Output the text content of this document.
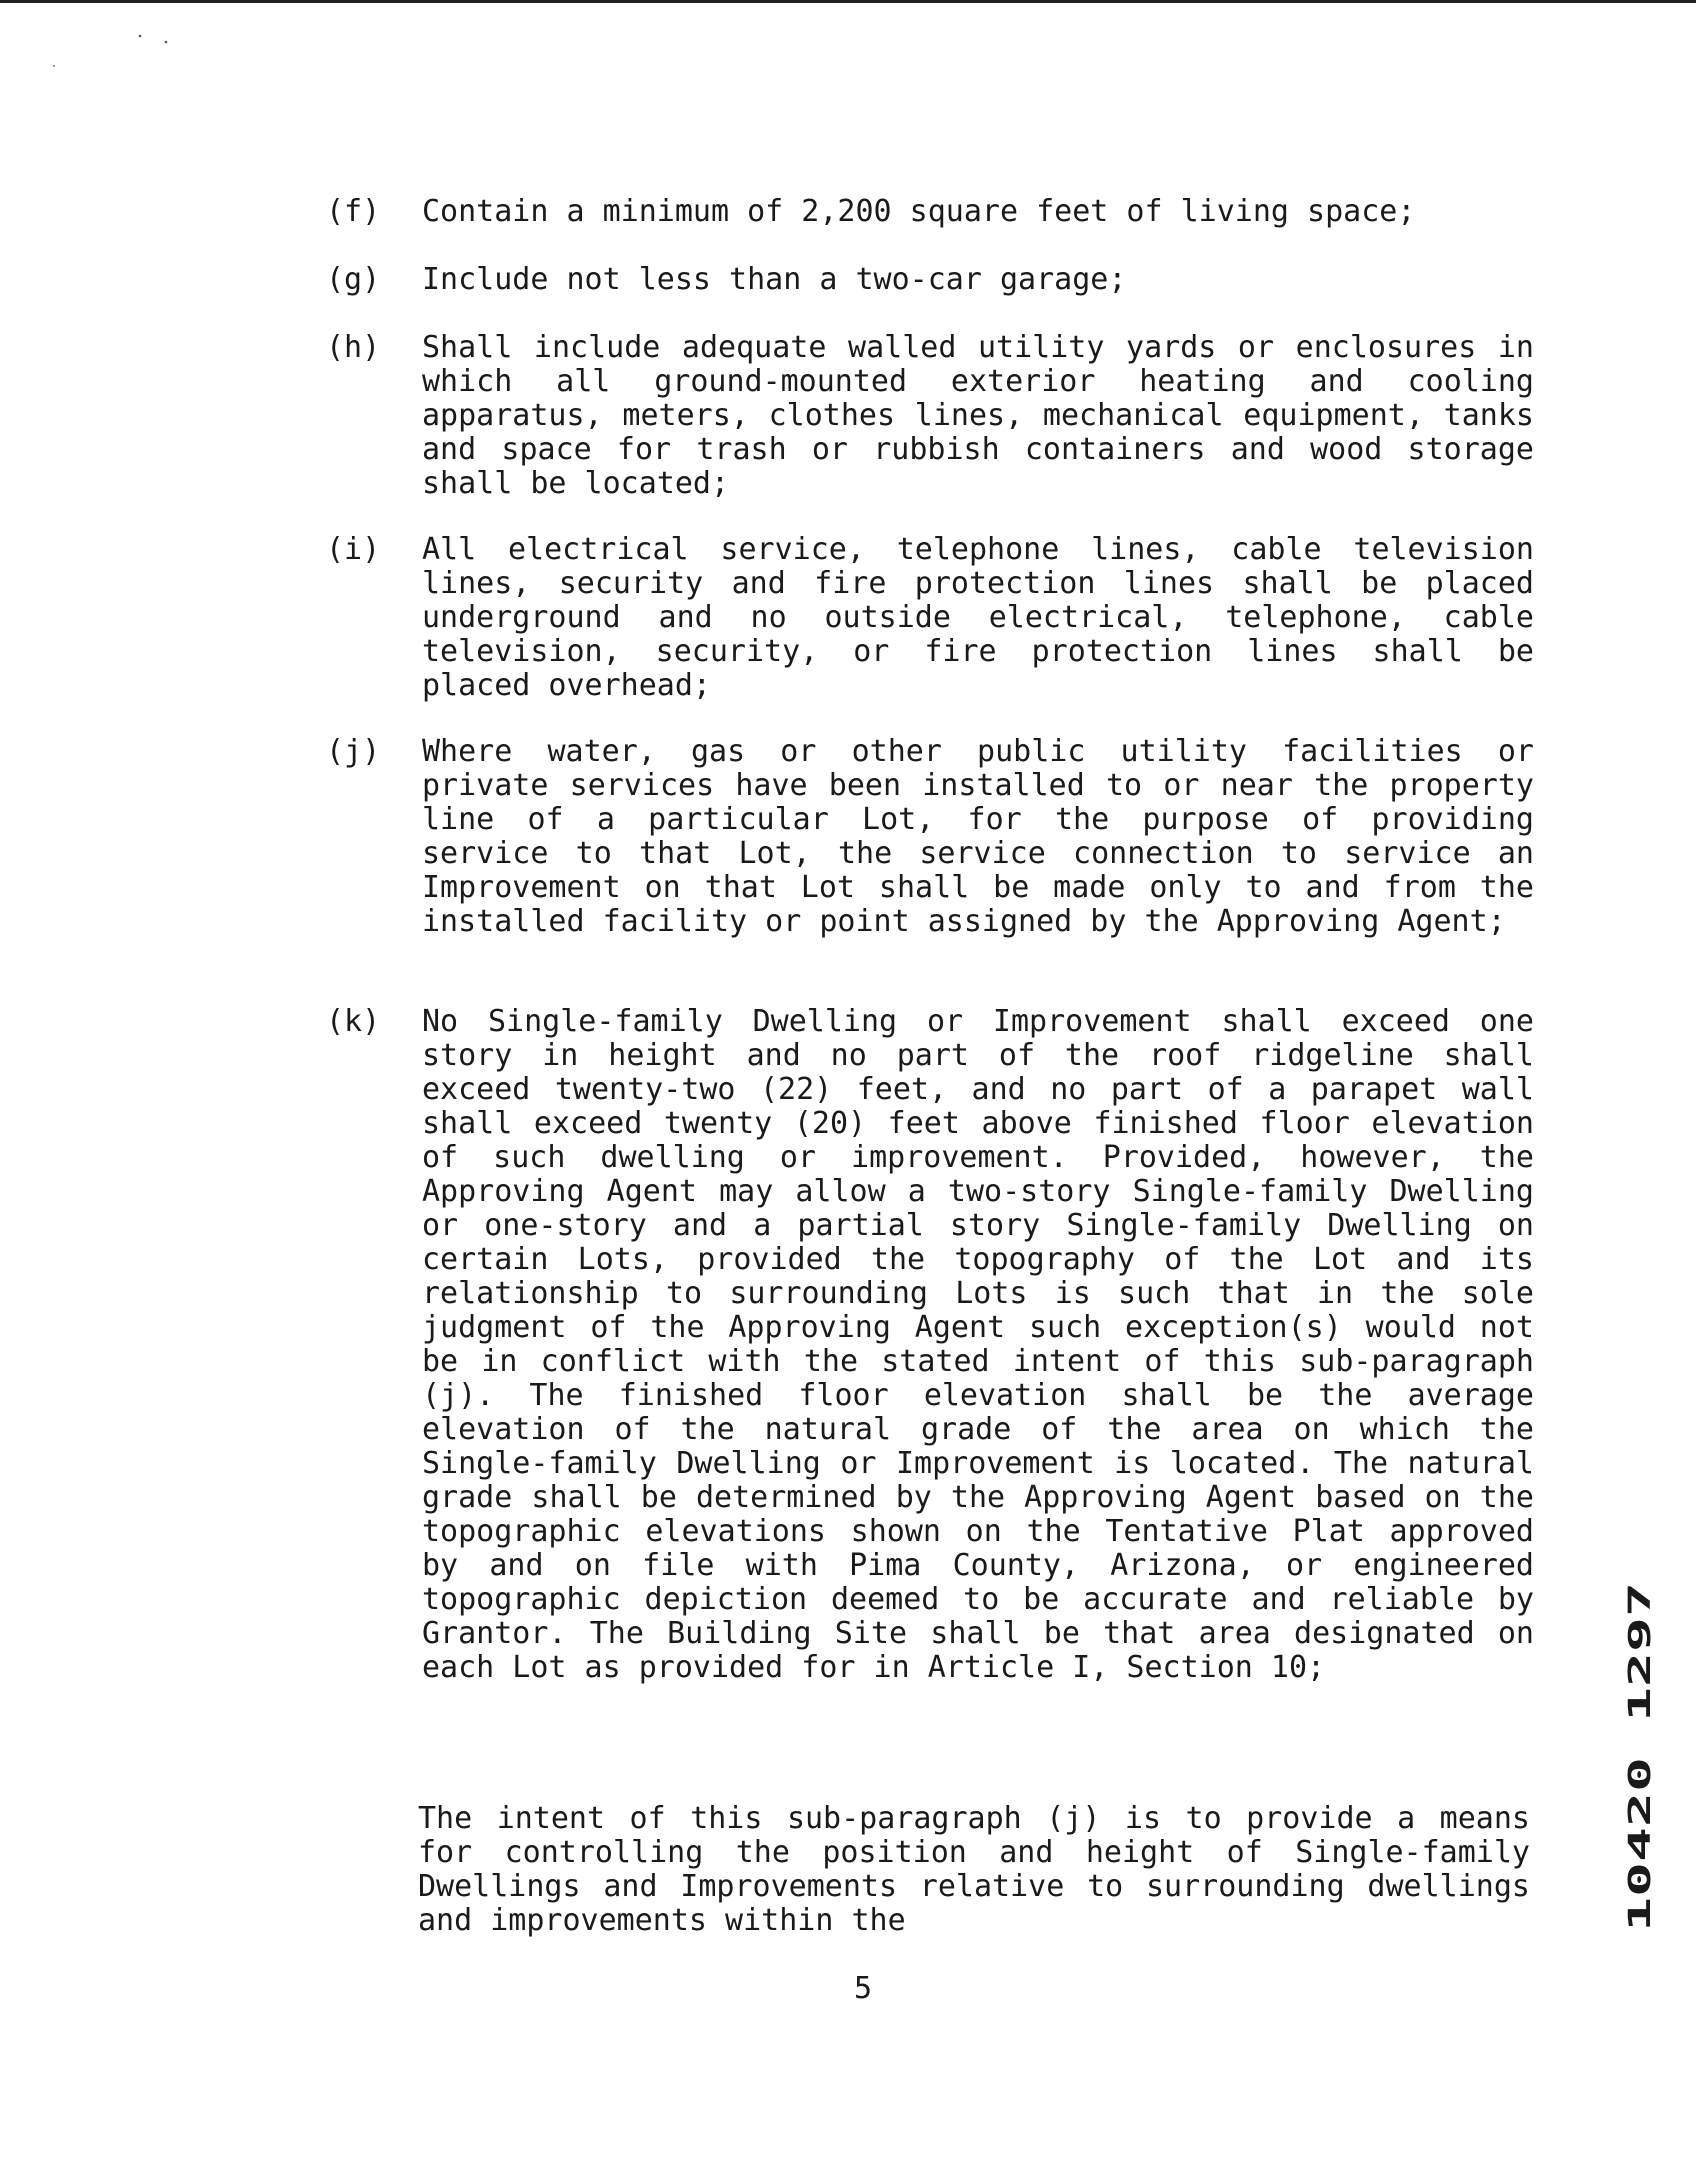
(f) Contain a minimum of 2,200 square feet of living space;
(g) Include not less than a two-car garage;
(h) Shall include adequate walled utility yards or enclosures in which all ground-mounted exterior heating and cooling apparatus, meters, clothes lines, mechanical equipment, tanks and space for trash or rubbish containers and wood storage shall be located;
(i) All electrical service, telephone lines, cable television lines, security and fire protection lines shall be placed underground and no outside electrical, telephone, cable television, security, or fire protection lines shall be placed overhead;
(j) Where water, gas or other public utility facilities or private services have been installed to or near the property line of a particular Lot, for the purpose of providing service to that Lot, the service connection to service an Improvement on that Lot shall be made only to and from the installed facility or point assigned by the Approving Agent;
(k) No Single-family Dwelling or Improvement shall exceed one story in height and no part of the roof ridgeline shall exceed twenty-two (22) feet, and no part of a parapet wall shall exceed twenty (20) feet above finished floor elevation of such dwelling or improvement. Provided, however, the Approving Agent may allow a two-story Single-family Dwelling or one-story and a partial story Single-family Dwelling on certain Lots, provided the topography of the Lot and its relationship to surrounding Lots is such that in the sole judgment of the Approving Agent such exception(s) would not be in conflict with the stated intent of this sub-paragraph (j). The finished floor elevation shall be the average elevation of the natural grade of the area on which the Single-family Dwelling or Improvement is located. The natural grade shall be determined by the Approving Agent based on the topographic elevations shown on the Tentative Plat approved by and on file with Pima County, Arizona, or engineered topographic depiction deemed to be accurate and reliable by Grantor. The Building Site shall be that area designated on each Lot as provided for in Article I, Section 10;
The intent of this sub-paragraph (j) is to provide a means for controlling the position and height of Single-family Dwellings and Improvements relative to surrounding dwellings and improvements within the
5
10420 1297
